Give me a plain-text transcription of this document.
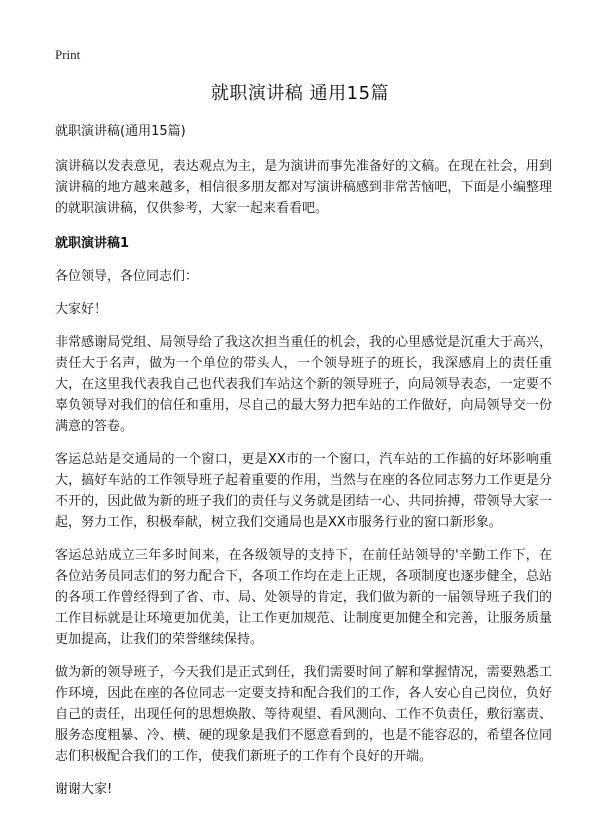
Print
就职演讲稿 通用15篇

就职演讲稿(通用15篇)

演讲稿以发表意见，表达观点为主，是为演讲而事先准备好的文稿。在现在社会，用到演讲稿的地方越来越多，相信很多朋友都对写演讲稿感到非常苦恼吧，下面是小编整理的就职演讲稿，仅供参考，大家一起来看看吧。

就职演讲稿1

各位领导，各位同志们：

大家好！

非常感谢局党组、局领导给了我这次担当重任的机会，我的心里感觉是沉重大于高兴，责任大于名声，做为一个单位的带头人，一个领导班子的班长，我深感肩上的责任重大，在这里我代表我自己也代表我们车站这个新的领导班子，向局领导表态，一定要不辜负领导对我们的信任和重用，尽自己的最大努力把车站的工作做好，向局领导交一份满意的答卷。

客运总站是交通局的一个窗口，更是XX市的一个窗口，汽车站的工作搞的好坏影响重大，搞好车站的工作领导班子起着重要的作用，当然与在座的各位同志努力工作更是分不开的，因此做为新的班子我们的责任与义务就是团结一心、共同拚搏，带领导大家一起，努力工作，积极奉献，树立我们交通局也是XX市服务行业的窗口新形象。

客运总站成立三年多时间来，在各级领导的支持下，在前任站领导的'辛勤工作下，在各位站务员同志们的努力配合下，各项工作均在走上正规，各项制度也逐步健全，总站的各项工作曾经得到了省、市、局、处领导的肯定，我们做为新的一届领导班子我们的工作目标就是让环境更加优美，让工作更加规范、让制度更加健全和完善，让服务质量更加提高，让我们的荣誉继续保持。

做为新的领导班子，今天我们是正式到任，我们需要时间了解和掌握情况，需要熟悉工作环境，因此在座的各位同志一定要支持和配合我们的工作，各人安心自己岗位，负好自己的责任，出现任何的思想焕散、等待观望、看风测向、工作不负责任，敷衍塞责、服务态度粗暴、冷、横、硬的现象是我们不愿意看到的，也是不能容忍的，希望各位同志们积极配合我们的工作，使我们新班子的工作有个良好的开端。

谢谢大家!
